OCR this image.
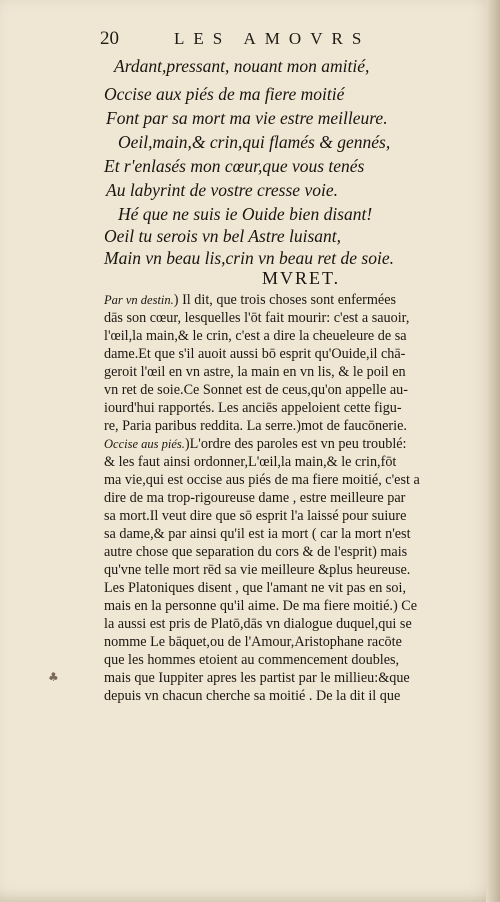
20	LES AMOVRS
Ardant,pressant, nouant mon amitié,
Occise aux piés de ma fiere moitié
Font par sa mort ma vie estre meilleure.
Oeil,main,& crin,qui flamés & gennés,
Et r'enlasés mon cœur,que vous tenés
Au labyrint de vostre cresse voie.
Hé que ne suis ie Ouide bien disant!
Oeil tu serois vn bel Astre luisant,
Main vn beau lis,crin vn beau ret de soie.
MVRET.
Par vn destin.) Il dit, que trois choses sont enfermées
dās son cœur, lesquelles l'ōt fait mourir: c'est a sauoir,
l'œil,la main,& le crin, c'est a dire la cheueleure de sa
dame.Et que s'il auoit aussi bō esprit qu'Ouide,il chā-
geroit l'œil en vn astre, la main en vn lis, & le poil en
vn ret de soie.Ce Sonnet est de ceus,qu'on appelle au-
iourd'hui rapportés. Les anciēs appeloient cette figu-
re, Paria paribus reddita. La serre.)mot de faucōnerie.
Occise aus piés.)L'ordre des paroles est vn peu troublé:
& les faut ainsi ordonner,L'œil,la main,& le crin,fōt
ma vie,qui est occise aus piés de ma fiere moitié, c'est a
dire de ma trop-rigoureuse dame , estre meilleure par
sa mort.Il veut dire que sō esprit l'a laissé pour suiure
sa dame,& par ainsi qu'il est ia mort ( car la mort n'est
autre chose que separation du cors & de l'esprit) mais
qu'vne telle mort rēd sa vie meilleure &plus heureuse.
Les Platoniques disent , que l'amant ne vit pas en soi,
mais en la personne qu'il aime. De ma fiere moitié.) Ce
la aussi est pris de Platō,dās vn dialogue duquel,qui se
nomme Le bāquet,ou de l'Amour,Aristophane racōte
que les hommes etoient au commencement doubles,
mais que Iuppiter apres les partist par le millieu:&que
depuis vn chacun cherche sa moitié . De la dit il que
♣
